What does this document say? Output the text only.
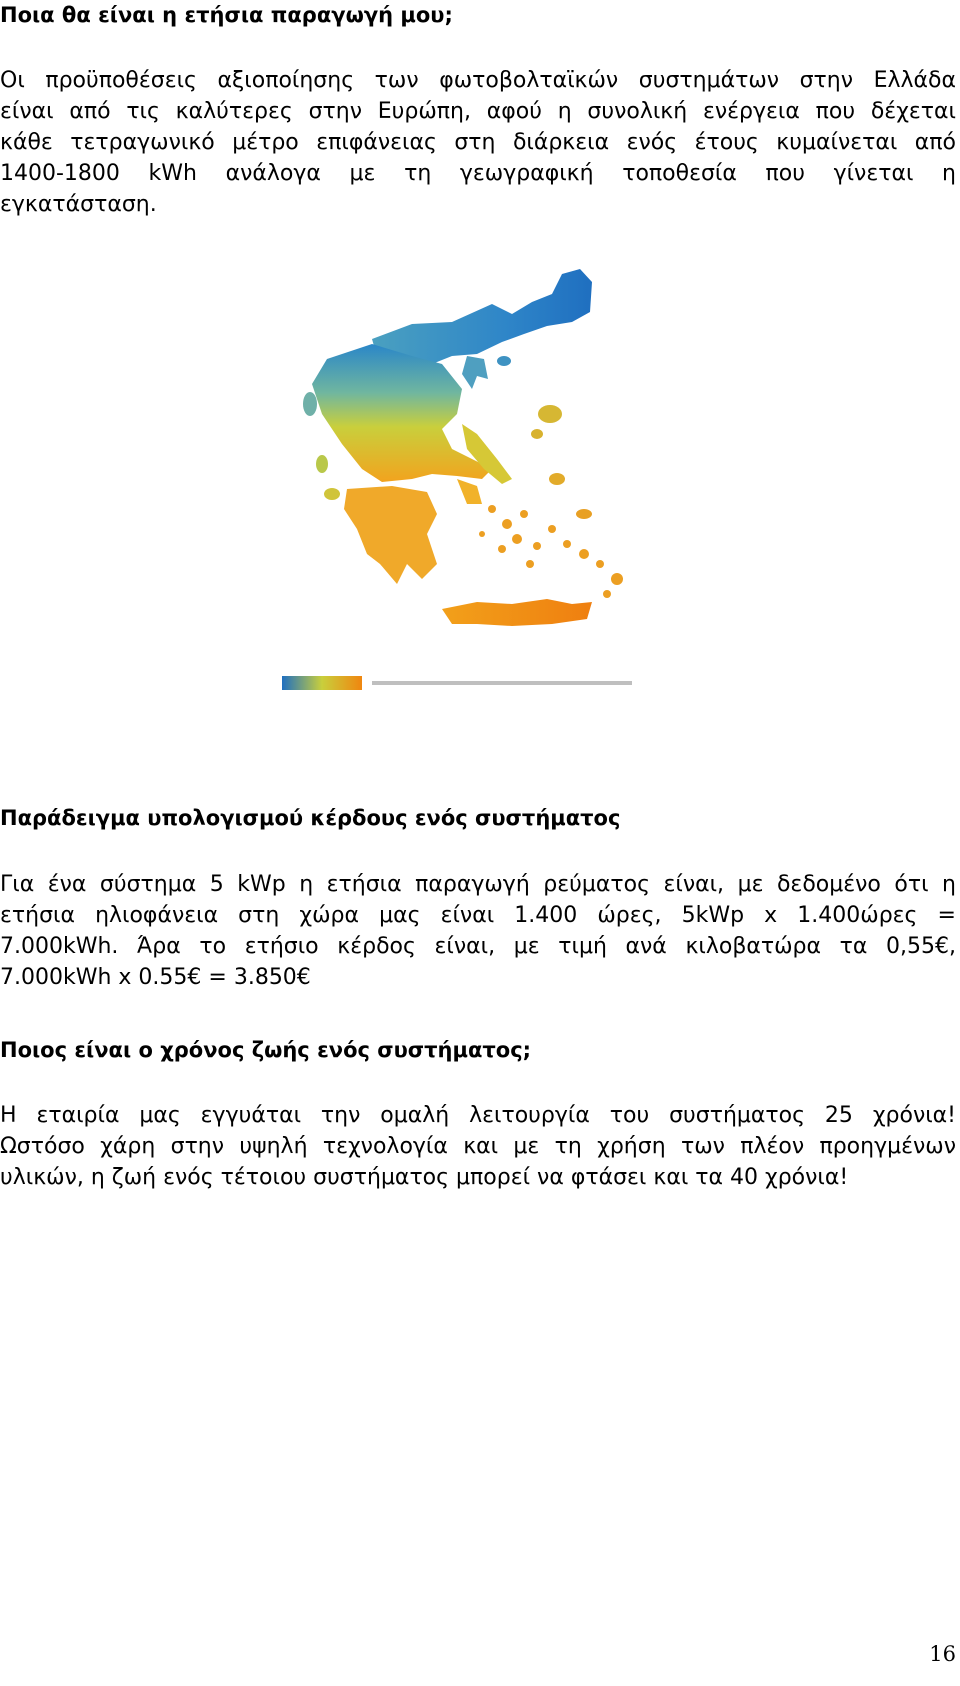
Ποια θα είναι η ετήσια παραγωγή μου;
Οι προϋποθέσεις αξιοποίησης των φωτοβολταϊκών συστημάτων στην Ελλάδα
είναι από τις καλύτερες στην Ευρώπη, αφού η συνολική ενέργεια που δέχεται
κάθε τετραγωνικό μέτρο επιφάνειας στη διάρκεια ενός έτους κυμαίνεται από
1400-1800 kWh ανάλογα με τη γεωγραφική τοποθεσία που γίνεται η
εγκατάσταση.
Παράδειγμα υπολογισμού κέρδους ενός συστήματος
Για ένα σύστημα 5 kWp η ετήσια παραγωγή ρεύματος είναι, με δεδομένο ότι η
ετήσια ηλιοφάνεια στη χώρα μας είναι 1.400 ώρες, 5kWp x 1.400ώρες =
7.000kWh. Άρα το ετήσιο κέρδος είναι, με τιμή ανά κιλοβατώρα τα 0,55€,
7.000kWh x 0.55€ = 3.850€
Ποιος είναι ο χρόνος ζωής ενός συστήματος;
Η εταιρία μας εγγυάται την ομαλή λειτουργία του συστήματος 25 χρόνια!
Ωστόσο χάρη στην υψηλή τεχνολογία και με τη χρήση των πλέον προηγμένων
υλικών, η ζωή ενός τέτοιου συστήματος μπορεί να φτάσει και τα 40 χρόνια!
16
